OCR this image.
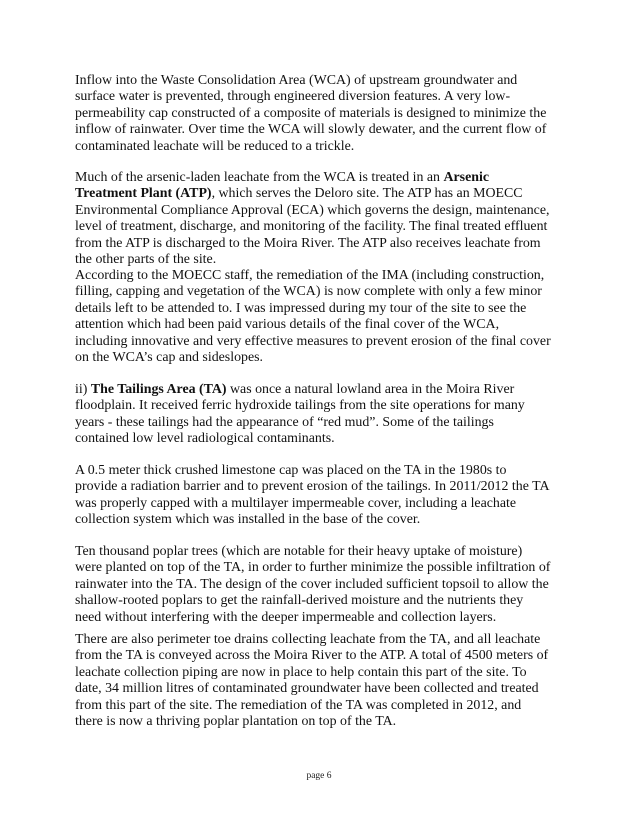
Inflow into the Waste Consolidation Area (WCA) of upstream groundwater and
surface water is prevented, through engineered diversion features. A very low-
permeability cap constructed of a composite of materials is designed to minimize the
inflow of rainwater. Over time the WCA will slowly dewater, and the current flow of
contaminated leachate will be reduced to a trickle.
Much of the arsenic-laden leachate from the WCA is treated in an Arsenic
Treatment Plant (ATP), which serves the Deloro site. The ATP has an MOECC
Environmental Compliance Approval (ECA) which governs the design, maintenance,
level of treatment, discharge, and monitoring of the facility. The final treated effluent
from the ATP is discharged to the Moira River. The ATP also receives leachate from
the other parts of the site.
According to the MOECC staff, the remediation of the IMA (including construction,
filling, capping and vegetation of the WCA) is now complete with only a few minor
details left to be attended to. I was impressed during my tour of the site to see the
attention which had been paid various details of the final cover of the WCA,
including innovative and very effective measures to prevent erosion of the final cover
on the WCA’s cap and sideslopes.
ii) The Tailings Area (TA) was once a natural lowland area in the Moira River
floodplain. It received ferric hydroxide tailings from the site operations for many
years - these tailings had the appearance of “red mud”. Some of the tailings
contained low level radiological contaminants.
A 0.5 meter thick crushed limestone cap was placed on the TA in the 1980s to
provide a radiation barrier and to prevent erosion of the tailings. In 2011/2012 the TA
was properly capped with a multilayer impermeable cover, including a leachate
collection system which was installed in the base of the cover.
Ten thousand poplar trees (which are notable for their heavy uptake of moisture)
were planted on top of the TA, in order to further minimize the possible infiltration of
rainwater into the TA. The design of the cover included sufficient topsoil to allow the
shallow-rooted poplars to get the rainfall-derived moisture and the nutrients they
need without interfering with the deeper impermeable and collection layers.
There are also perimeter toe drains collecting leachate from the TA, and all leachate
from the TA is conveyed across the Moira River to the ATP. A total of 4500 meters of
leachate collection piping are now in place to help contain this part of the site. To
date, 34 million litres of contaminated groundwater have been collected and treated
from this part of the site. The remediation of the TA was completed in 2012, and
there is now a thriving poplar plantation on top of the TA.
page 6
